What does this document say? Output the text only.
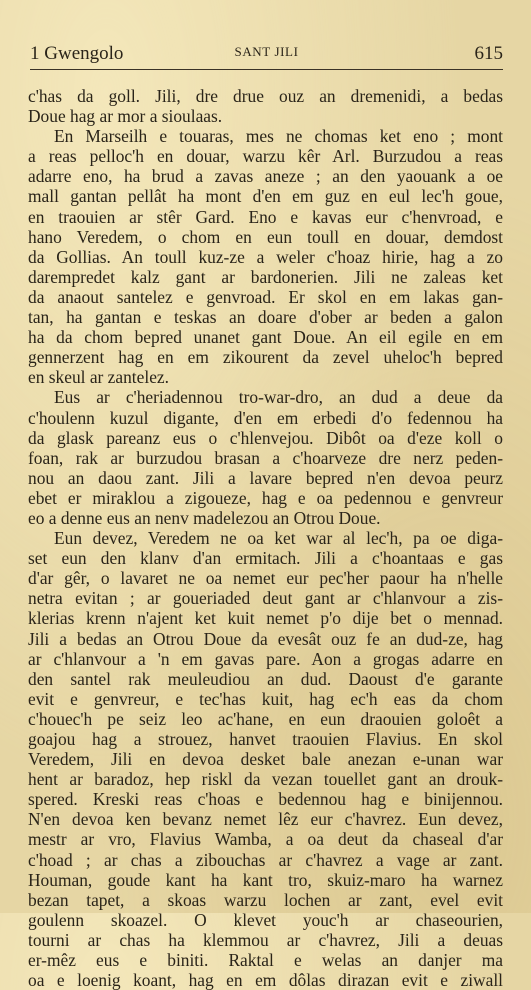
1 Gwengolo	SANT JILI	615
c'has da goll. Jili, dre drue ouz an dremenidi, a bedas
Doue hag ar mor a sioulaas.
En Marseilh e touaras, mes ne chomas ket eno ; mont
a reas pelloc'h en douar, warzu kêr Arl. Burzudou a reas
adarre eno, ha brud a zavas aneze ; an den yaouank a oe
mall gantan pellât ha mont d'en em guz en eul lec'h goue,
en traouien ar stêr Gard. Eno e kavas eur c'henvroad, e
hano Veredem, o chom en eun toull en douar, demdost
da Gollias. An toull kuz-ze a weler c'hoaz hirie, hag a zo
darempredet kalz gant ar bardonerien. Jili ne zaleas ket
da anaout santelez e genvroad. Er skol en em lakas gan-
tan, ha gantan e teskas an doare d'ober ar beden a galon
ha da chom bepred unanet gant Doue. An eil egile en em
gennerzent hag en em zikourent da zevel uheloc'h bepred
en skeul ar zantelez.
Eus ar c'heriadennou tro-war-dro, an dud a deue da
c'houlenn kuzul digante, d'en em erbedi d'o fedennou ha
da glask pareanz eus o c'hlenvejou. Dibôt oa d'eze koll o
foan, rak ar burzudou brasan a c'hoarveze dre nerz peden-
nou an daou zant. Jili a lavare bepred n'en devoa peurz
ebet er miraklou a zigoueze, hag e oa pedennou e genvreur
eo a denne eus an nenv madelezou an Otrou Doue.
Eun devez, Veredem ne oa ket war al lec'h, pa oe diga-
set eun den klanv d'an ermitach. Jili a c'hoantaas e gas
d'ar gêr, o lavaret ne oa nemet eur pec'her paour ha n'helle
netra evitan ; ar goueriaded deut gant ar c'hlanvour a zis-
klerias krenn n'ajent ket kuit nemet p'o dije bet o mennad.
Jili a bedas an Otrou Doue da evesât ouz fe an dud-ze, hag
ar c'hlanvour a 'n em gavas pare. Aon a grogas adarre en
den santel rak meuleudiou an dud. Daoust d'e garante
evit e genvreur, e tec'has kuit, hag ec'h eas da chom
c'houec'h pe seiz leo ac'hane, en eun draouien goloêt a
goajou hag a strouez, hanvet traouien Flavius. En skol
Veredem, Jili en devoa desket bale anezan e-unan war
hent ar baradoz, hep riskl da vezan touellet gant an drouk-
spered. Kreski reas c'hoas e bedennou hag e binijennou.
N'en devoa ken bevanz nemet lêz eur c'havrez. Eun devez,
mestr ar vro, Flavius Wamba, a oa deut da chaseal d'ar
c'hoad ; ar chas a zibouchas ar c'havrez a vage ar zant.
Houman, goude kant ha kant tro, skuiz-maro ha warnez
bezan tapet, a skoas warzu lochen ar zant, evel evit
goulenn skoazel. O klevet youc'h ar chaseourien,
tourni ar chas ha klemmou ar c'havrez, Jili a deuas
er-mêz eus e biniti. Raktal e welas an danjer ma
oa e loenig koant, hag en em dôlas dirazan evit e ziwall
